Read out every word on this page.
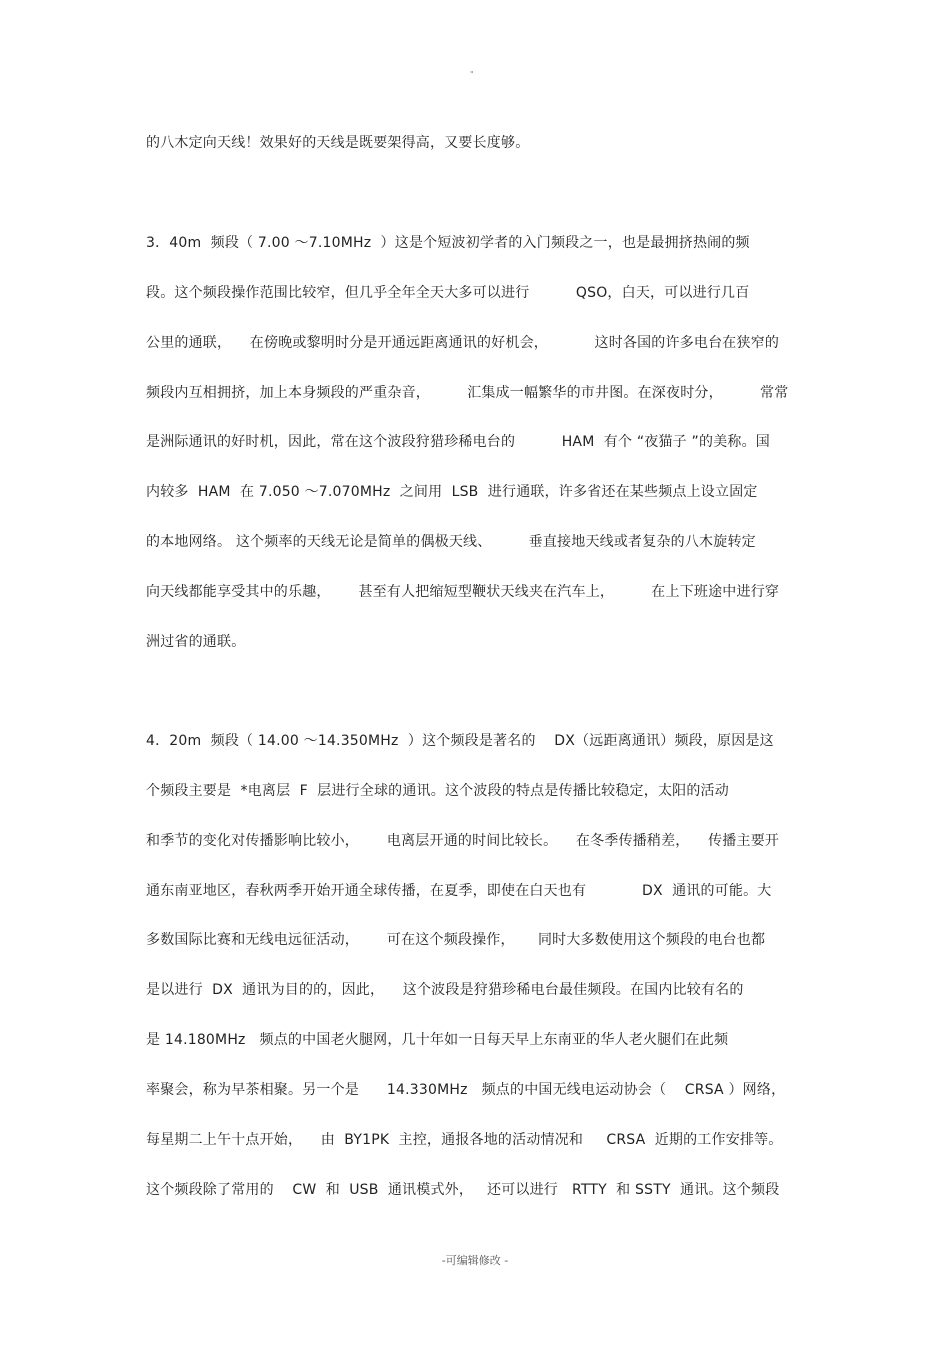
"
的八木定向天线！效果好的天线是既要架得高，又要长度够。
3．40m  频段（ 7.00 ～7.10MHz  ）这是个短波初学者的入门频段之一，也是最拥挤热闹的频
段。这个频段操作范围比较窄，但几乎全年全天大多可以进行          QSO，白天，可以进行几百
公里的通联，    在傍晚或黎明时分是开通远距离通讯的好机会，          这时各国的许多电台在狭窄的
频段内互相拥挤，加上本身频段的严重杂音，        汇集成一幅繁华的市井图。在深夜时分，        常常
是洲际通讯的好时机，因此，常在这个波段狩猎珍稀电台的          HAM  有个 “夜猫子 ”的美称。国
内较多  HAM  在 7.050 ～7.070MHz  之间用  LSB  进行通联，许多省还在某些频点上设立固定
的本地网络。 这个频率的天线无论是简单的偶极天线、        垂直接地天线或者复杂的八木旋转定
向天线都能享受其中的乐趣，      甚至有人把缩短型鞭状天线夹在汽车上，        在上下班途中进行穿
洲过省的通联。
4．20m  频段（ 14.00 ～14.350MHz  ）这个频段是著名的    DX（远距离通讯）频段，原因是这
个频段主要是  *电离层  F  层进行全球的通讯。这个波段的特点是传播比较稳定，太阳的活动
和季节的变化对传播影响比较小，      电离层开通的时间比较长。    在冬季传播稍差，    传播主要开
通东南亚地区，春秋两季开始开通全球传播，在夏季，即使在白天也有            DX  通讯的可能。大
多数国际比赛和无线电远征活动，      可在这个频段操作，     同时大多数使用这个频段的电台也都
是以进行  DX  通讯为目的的，因此，    这个波段是狩猎珍稀电台最佳频段。在国内比较有名的
是 14.180MHz   频点的中国老火腿网，几十年如一日每天早上东南亚的华人老火腿们在此频
率聚会，称为早茶相聚。另一个是      14.330MHz   频点的中国无线电运动协会（    CRSA ）网络，
每星期二上午十点开始，    由  BY1PK  主控，通报各地的活动情况和     CRSA  近期的工作安排等。
这个频段除了常用的    CW  和  USB  通讯模式外，   还可以进行   RTTY  和 SSTY  通讯。这个频段
-可编辑修改 -
